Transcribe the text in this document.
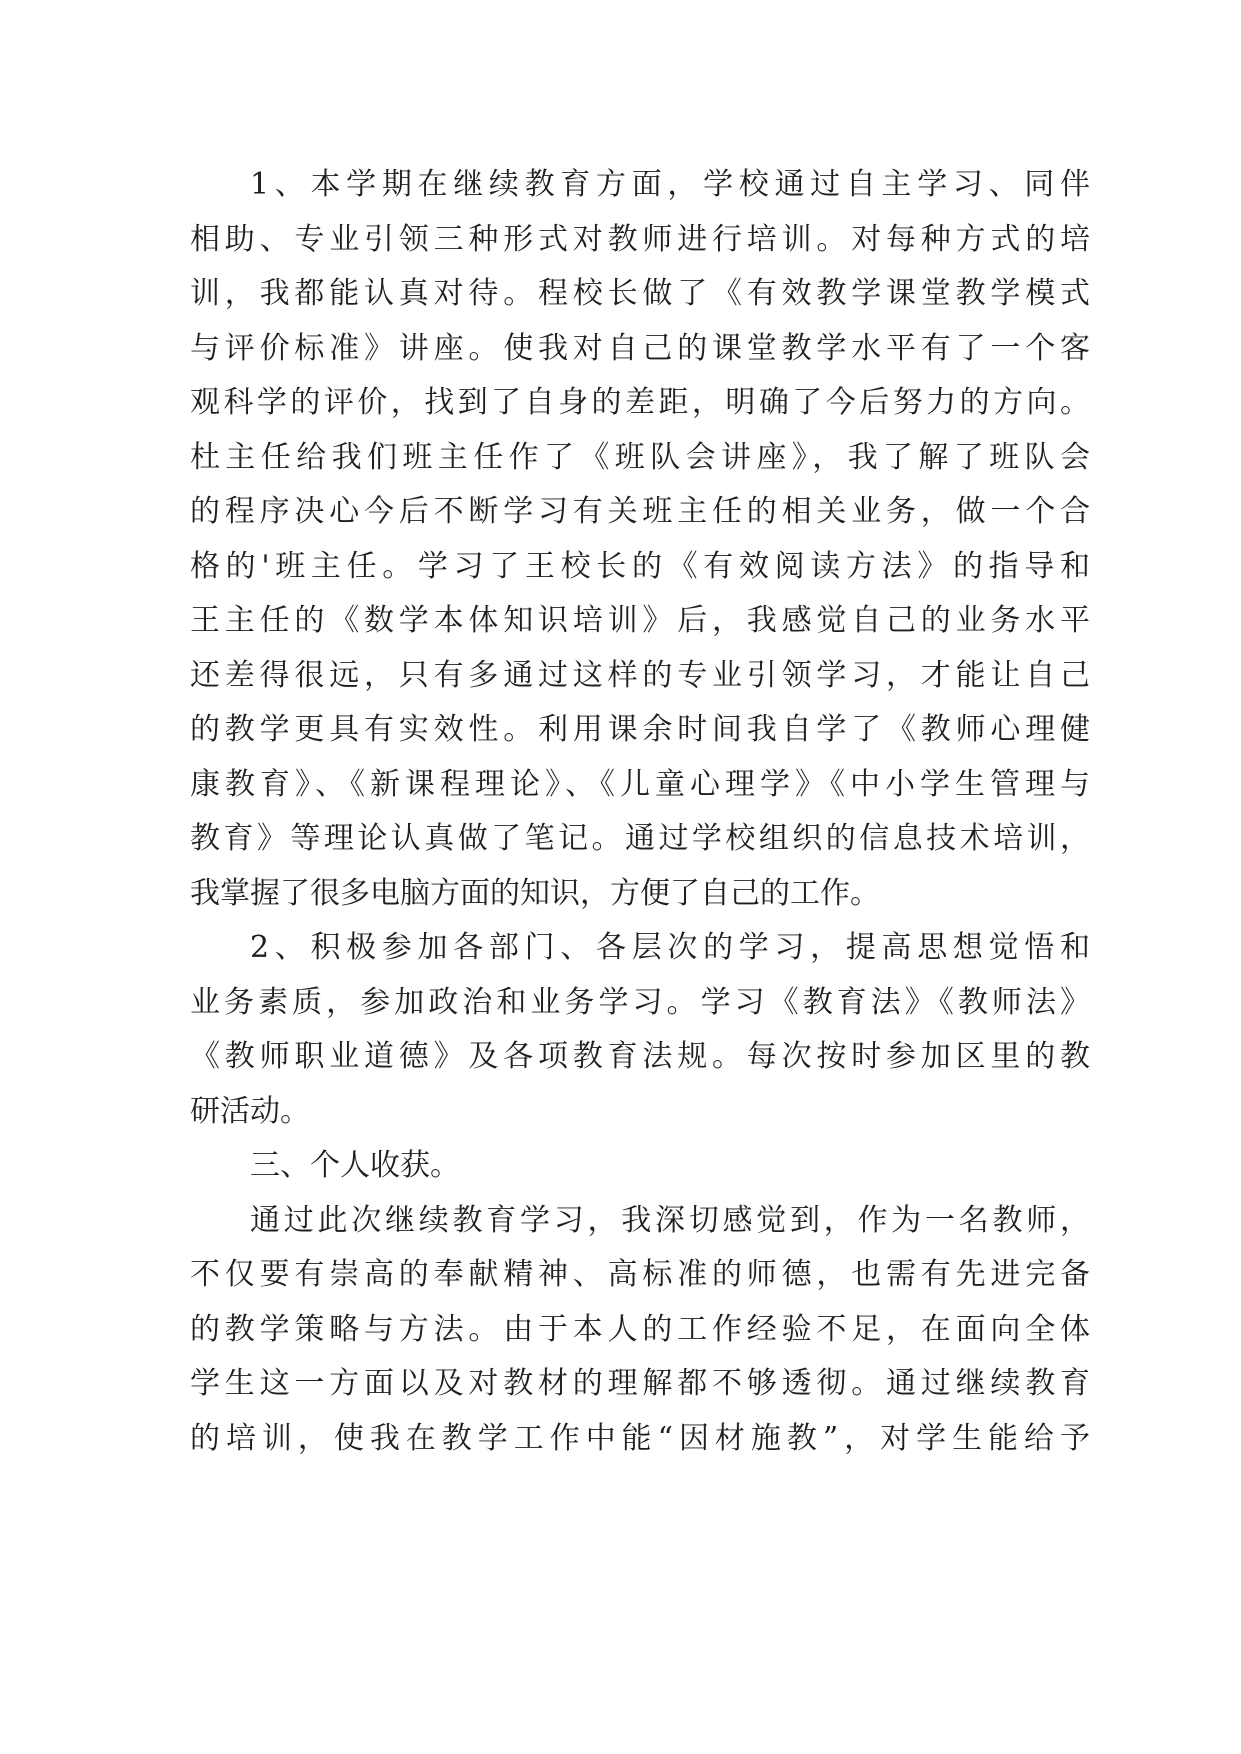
1、本学期在继续教育方面，学校通过自主学习、同伴
相助、专业引领三种形式对教师进行培训。对每种方式的培
训，我都能认真对待。程校长做了《有效教学课堂教学模式
与评价标准》讲座。使我对自己的课堂教学水平有了一个客
观科学的评价，找到了自身的差距，明确了今后努力的方向。
杜主任给我们班主任作了《班队会讲座》，我了解了班队会
的程序决心今后不断学习有关班主任的相关业务，做一个合
格的'班主任。学习了王校长的《有效阅读方法》的指导和
王主任的《数学本体知识培训》后，我感觉自己的业务水平
还差得很远，只有多通过这样的专业引领学习，才能让自己
的教学更具有实效性。利用课余时间我自学了《教师心理健
康教育》、《新课程理论》、《儿童心理学》《中小学生管理与
教育》等理论认真做了笔记。通过学校组织的信息技术培训，
我掌握了很多电脑方面的知识，方便了自己的工作。
2、积极参加各部门、各层次的学习，提高思想觉悟和
业务素质，参加政治和业务学习。学习《教育法》《教师法》
《教师职业道德》及各项教育法规。每次按时参加区里的教
研活动。
三、个人收获。
通过此次继续教育学习，我深切感觉到，作为一名教师，
不仅要有崇高的奉献精神、高标准的师德，也需有先进完备
的教学策略与方法。由于本人的工作经验不足，在面向全体
学生这一方面以及对教材的理解都不够透彻。通过继续教育
的培训，使我在教学工作中能“因材施教”，对学生能给予
